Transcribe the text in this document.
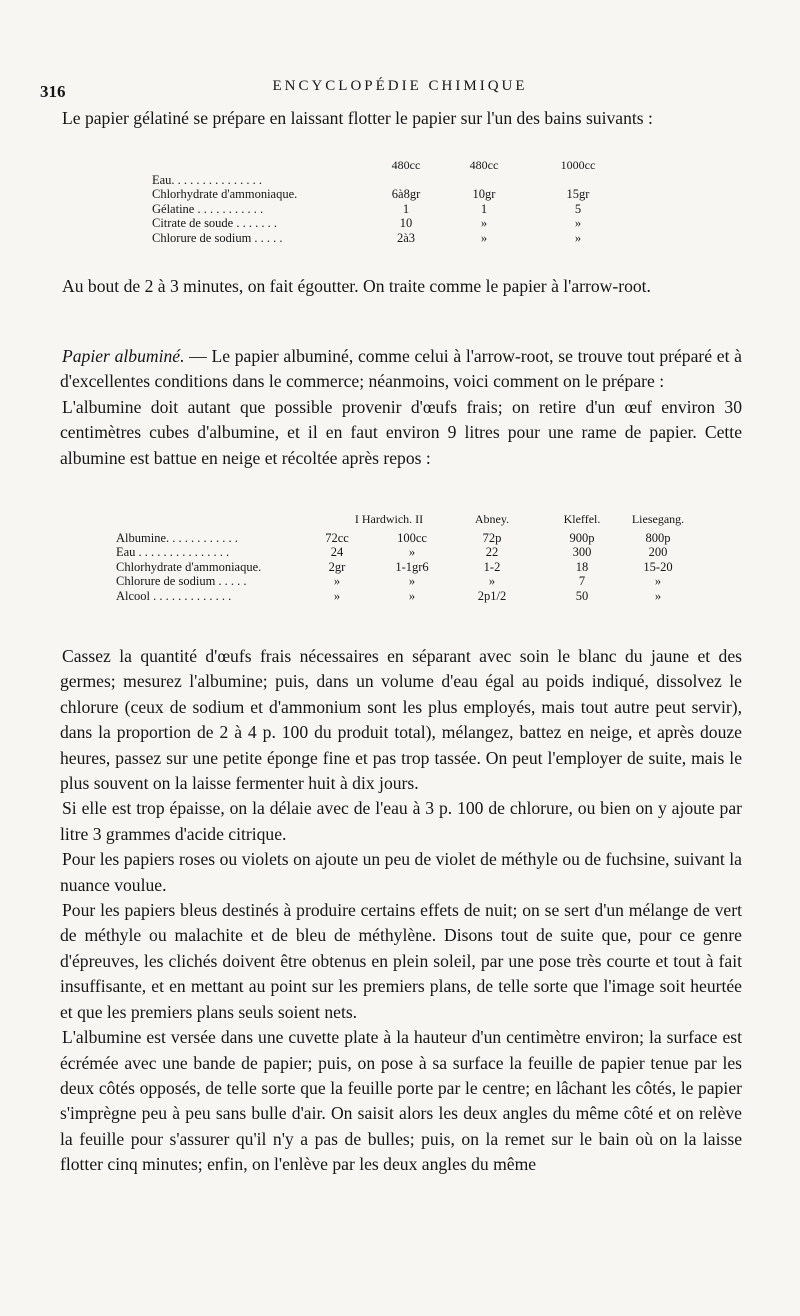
316	ENCYCLOPÉDIE CHIMIQUE

Le papier gélatiné se prépare en laissant flotter le papier sur l'un des bains suivants :

480cc	480cc	1000cc
Eau. . . . . . . . . . . . . . .
Chlorhydrate d'ammoniaque.	6à8gr	10gr	15gr
Gélatine . . . . . . . . . . .	1	1	5
Citrate de soude . . . . . . .	10	»	»
Chlorure de sodium . . . . .	2à3	»	»

Au bout de 2 à 3 minutes, on fait égoutter. On traite comme le papier à l'arrow-root.

Papier albuminé. — Le papier albuminé, comme celui à l'arrow-root, se trouve tout préparé et à d'excellentes conditions dans le commerce; néanmoins, voici comment on le prépare :

L'albumine doit autant que possible provenir d'œufs frais; on retire d'un œuf environ 30 centimètres cubes d'albumine, et il en faut environ 9 litres pour une rame de papier. Cette albumine est battue en neige et récoltée après repos :

I Hardwich. II	Abney.	Kleffel.	Liesegang.
Albumine. . . . . . . . . . . .	72cc	100cc	72p	900p	800p
Eau . . . . . . . . . . . . . . .	24	»	22	300	200
Chlorhydrate d'ammoniaque.	2gr	1-1gr6	1-2	18	15-20
Chlorure de sodium . . . . .	»	»	»	7	»
Alcool . . . . . . . . . . . . .	»	»	2p1/2	50	»

Cassez la quantité d'œufs frais nécessaires en séparant avec soin le blanc du jaune et des germes; mesurez l'albumine; puis, dans un volume d'eau égal au poids indiqué, dissolvez le chlorure (ceux de sodium et d'ammonium sont les plus employés, mais tout autre peut servir), dans la proportion de 2 à 4 p. 100 du produit total), mélangez, battez en neige, et après douze heures, passez sur une petite éponge fine et pas trop tassée. On peut l'employer de suite, mais le plus souvent on la laisse fermenter huit à dix jours.

Si elle est trop épaisse, on la délaie avec de l'eau à 3 p. 100 de chlorure, ou bien on y ajoute par litre 3 grammes d'acide citrique.

Pour les papiers roses ou violets on ajoute un peu de violet de méthyle ou de fuchsine, suivant la nuance voulue.

Pour les papiers bleus destinés à produire certains effets de nuit; on se sert d'un mélange de vert de méthyle ou malachite et de bleu de méthylène. Disons tout de suite que, pour ce genre d'épreuves, les clichés doivent être obtenus en plein soleil, par une pose très courte et tout à fait insuffisante, et en mettant au point sur les premiers plans, de telle sorte que l'image soit heurtée et que les premiers plans seuls soient nets.

L'albumine est versée dans une cuvette plate à la hauteur d'un centimètre environ; la surface est écrémée avec une bande de papier; puis, on pose à sa surface la feuille de papier tenue par les deux côtés opposés, de telle sorte que la feuille porte par le centre; en lâchant les côtés, le papier s'imprègne peu à peu sans bulle d'air. On saisit alors les deux angles du même côté et on relève la feuille pour s'assurer qu'il n'y a pas de bulles; puis, on la remet sur le bain où on la laisse flotter cinq minutes; enfin, on l'enlève par les deux angles du même
